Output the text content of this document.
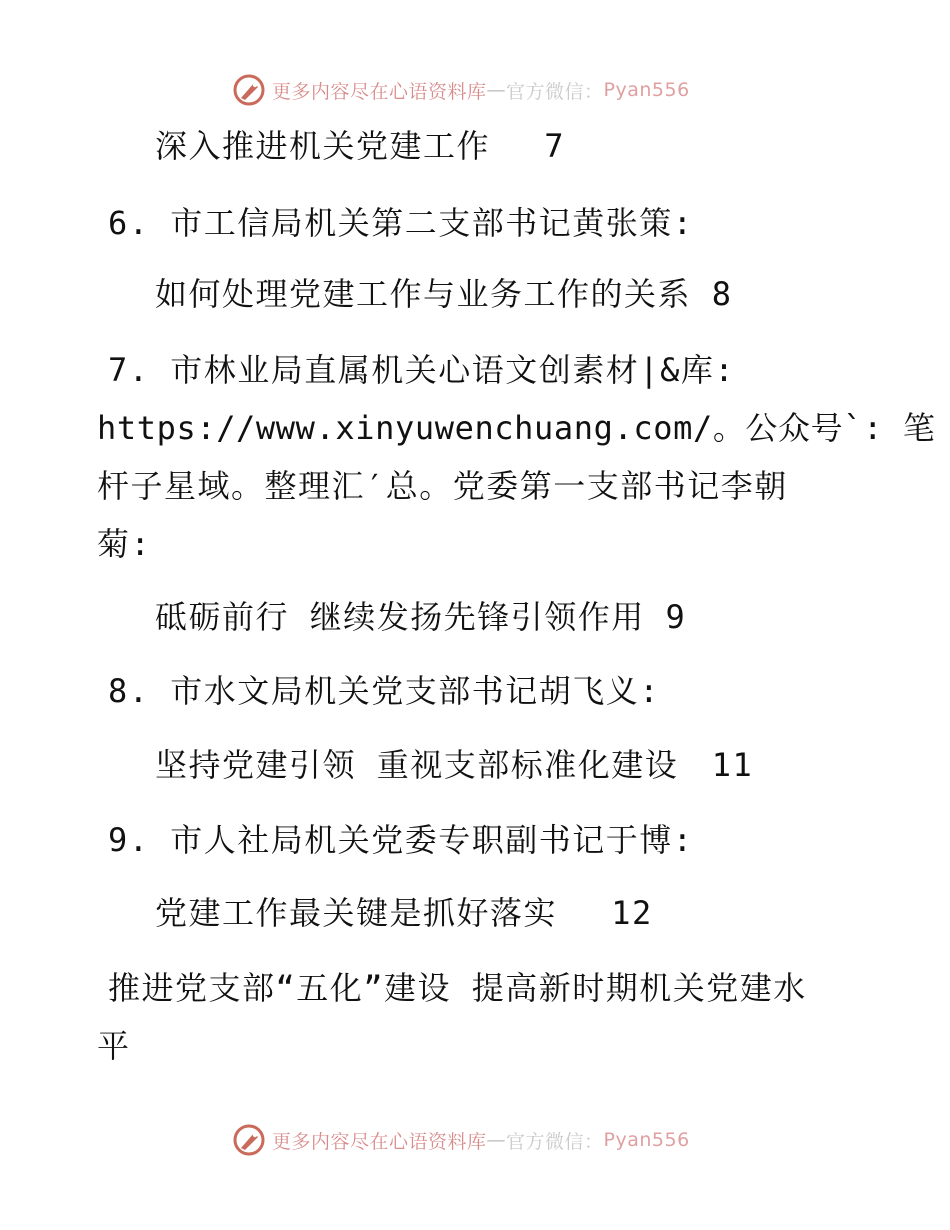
更多内容尽在心语资料库 — 官方微信： Pyan556
深入推进机关党建工作　 7
6. 市工信局机关第二支部书记黄张策:
如何处理党建工作与业务工作的关系 8
7. 市林业局直属机关心语文创素材|&库:
https://www.xinyuwenchuang.com/。公众号`: 笔
杆子星域。整理汇′总。党委第一支部书记李朝
菊:
砥砺前行 继续发扬先锋引领作用 9
8. 市水文局机关党支部书记胡飞义:
坚持党建引领 重视支部标准化建设　11
9. 市人社局机关党委专职副书记于博:
党建工作最关键是抓好落实　 12
推进党支部“五化”建设 提高新时期机关党建水
平
更多内容尽在心语资料库 — 官方微信： Pyan556
